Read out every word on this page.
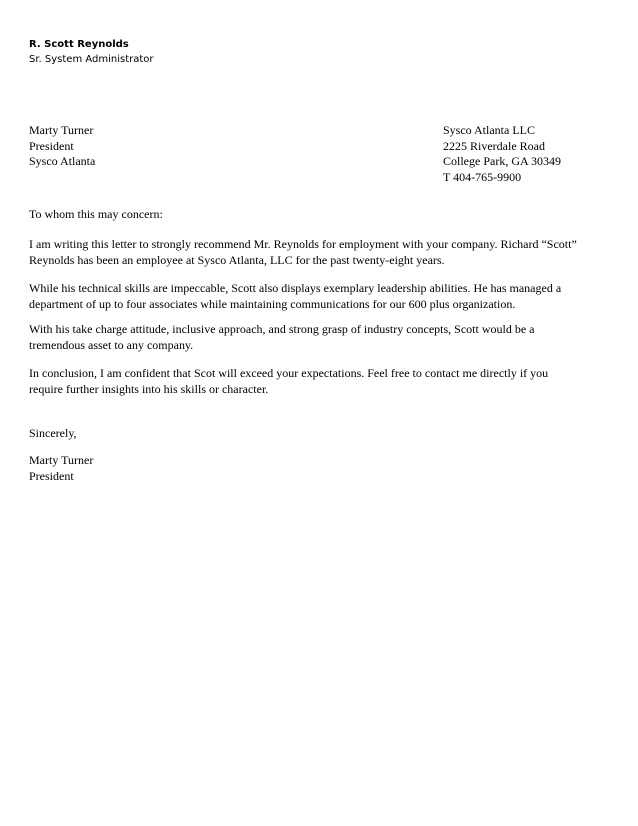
R. Scott Reynolds
Sr. System Administrator
Marty Turner
President
Sysco Atlanta
Sysco Atlanta LLC
2225 Riverdale Road
College Park, GA 30349
T 404-765-9900
To whom this may concern:
I am writing this letter to strongly recommend Mr. Reynolds for employment with your company. Richard “Scott”
Reynolds has been an employee at Sysco Atlanta, LLC for the past twenty-eight years.
While his technical skills are impeccable, Scott also displays exemplary leadership abilities. He has managed a
department of up to four associates while maintaining communications for our 600 plus organization.
With his take charge attitude, inclusive approach, and strong grasp of industry concepts, Scott would be a
tremendous asset to any company.
In conclusion, I am confident that Scot will exceed your expectations. Feel free to contact me directly if you
require further insights into his skills or character.
Sincerely,
Marty Turner
President
